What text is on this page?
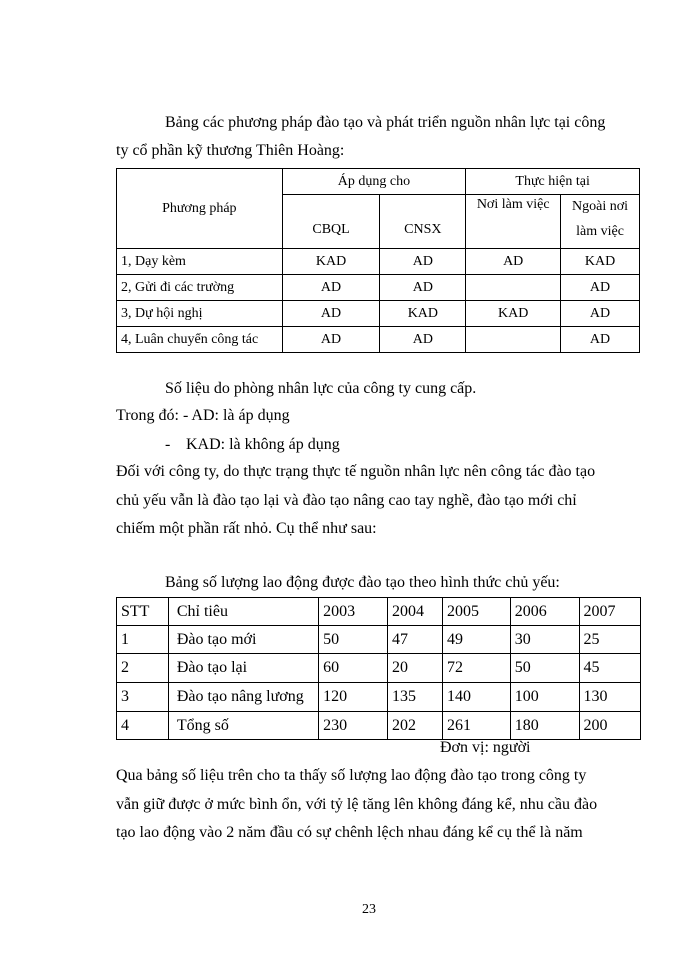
Bảng các phương pháp đào tạo và phát triển nguồn nhân lực tại công
ty cổ phần kỹ thương Thiên Hoàng:
Phương pháp	Áp dụng cho		Thực hiện tại	
	CBQL	CNSX	Nơi làm việc	Ngoài nơi
làm việc

1, Dạy kèm	KAD	AD	AD	KAD
2, Gửi đi các trường	AD	AD		AD
3, Dự hội nghị	AD	KAD	KAD	AD
4, Luân chuyển công tác	AD	AD		AD
Số liệu do phòng nhân lực của công ty cung cấp.
Trong đó: - AD: là áp dụng
- KAD: là không áp dụng
Đối với công ty, do thực trạng thực tế nguồn nhân lực nên công tác đào tạo
chủ yếu vẫn là đào tạo lại và đào tạo nâng cao tay nghề, đào tạo mới chỉ
chiếm một phần rất nhỏ. Cụ thể như sau:
Bảng số lượng lao động được đào tạo theo hình thức chủ yếu:
STT	Chỉ tiêu	2003	2004	2005	2006	2007
1	Đào tạo mới	50	47	49	30	25
2	Đào tạo lại	60	20	72	50	45
3	Đào tạo nâng lương	120	135	140	100	130
4	Tổng số	230	202	261	180	200
Đơn vị: người
Qua bảng số liệu trên cho ta thấy số lượng lao động đào tạo trong công ty
vẫn giữ được ở mức bình ổn, với tỷ lệ tăng lên không đáng kể, nhu cầu đào
tạo lao động vào 2 năm đầu có sự chênh lệch nhau đáng kể cụ thể là năm
23
